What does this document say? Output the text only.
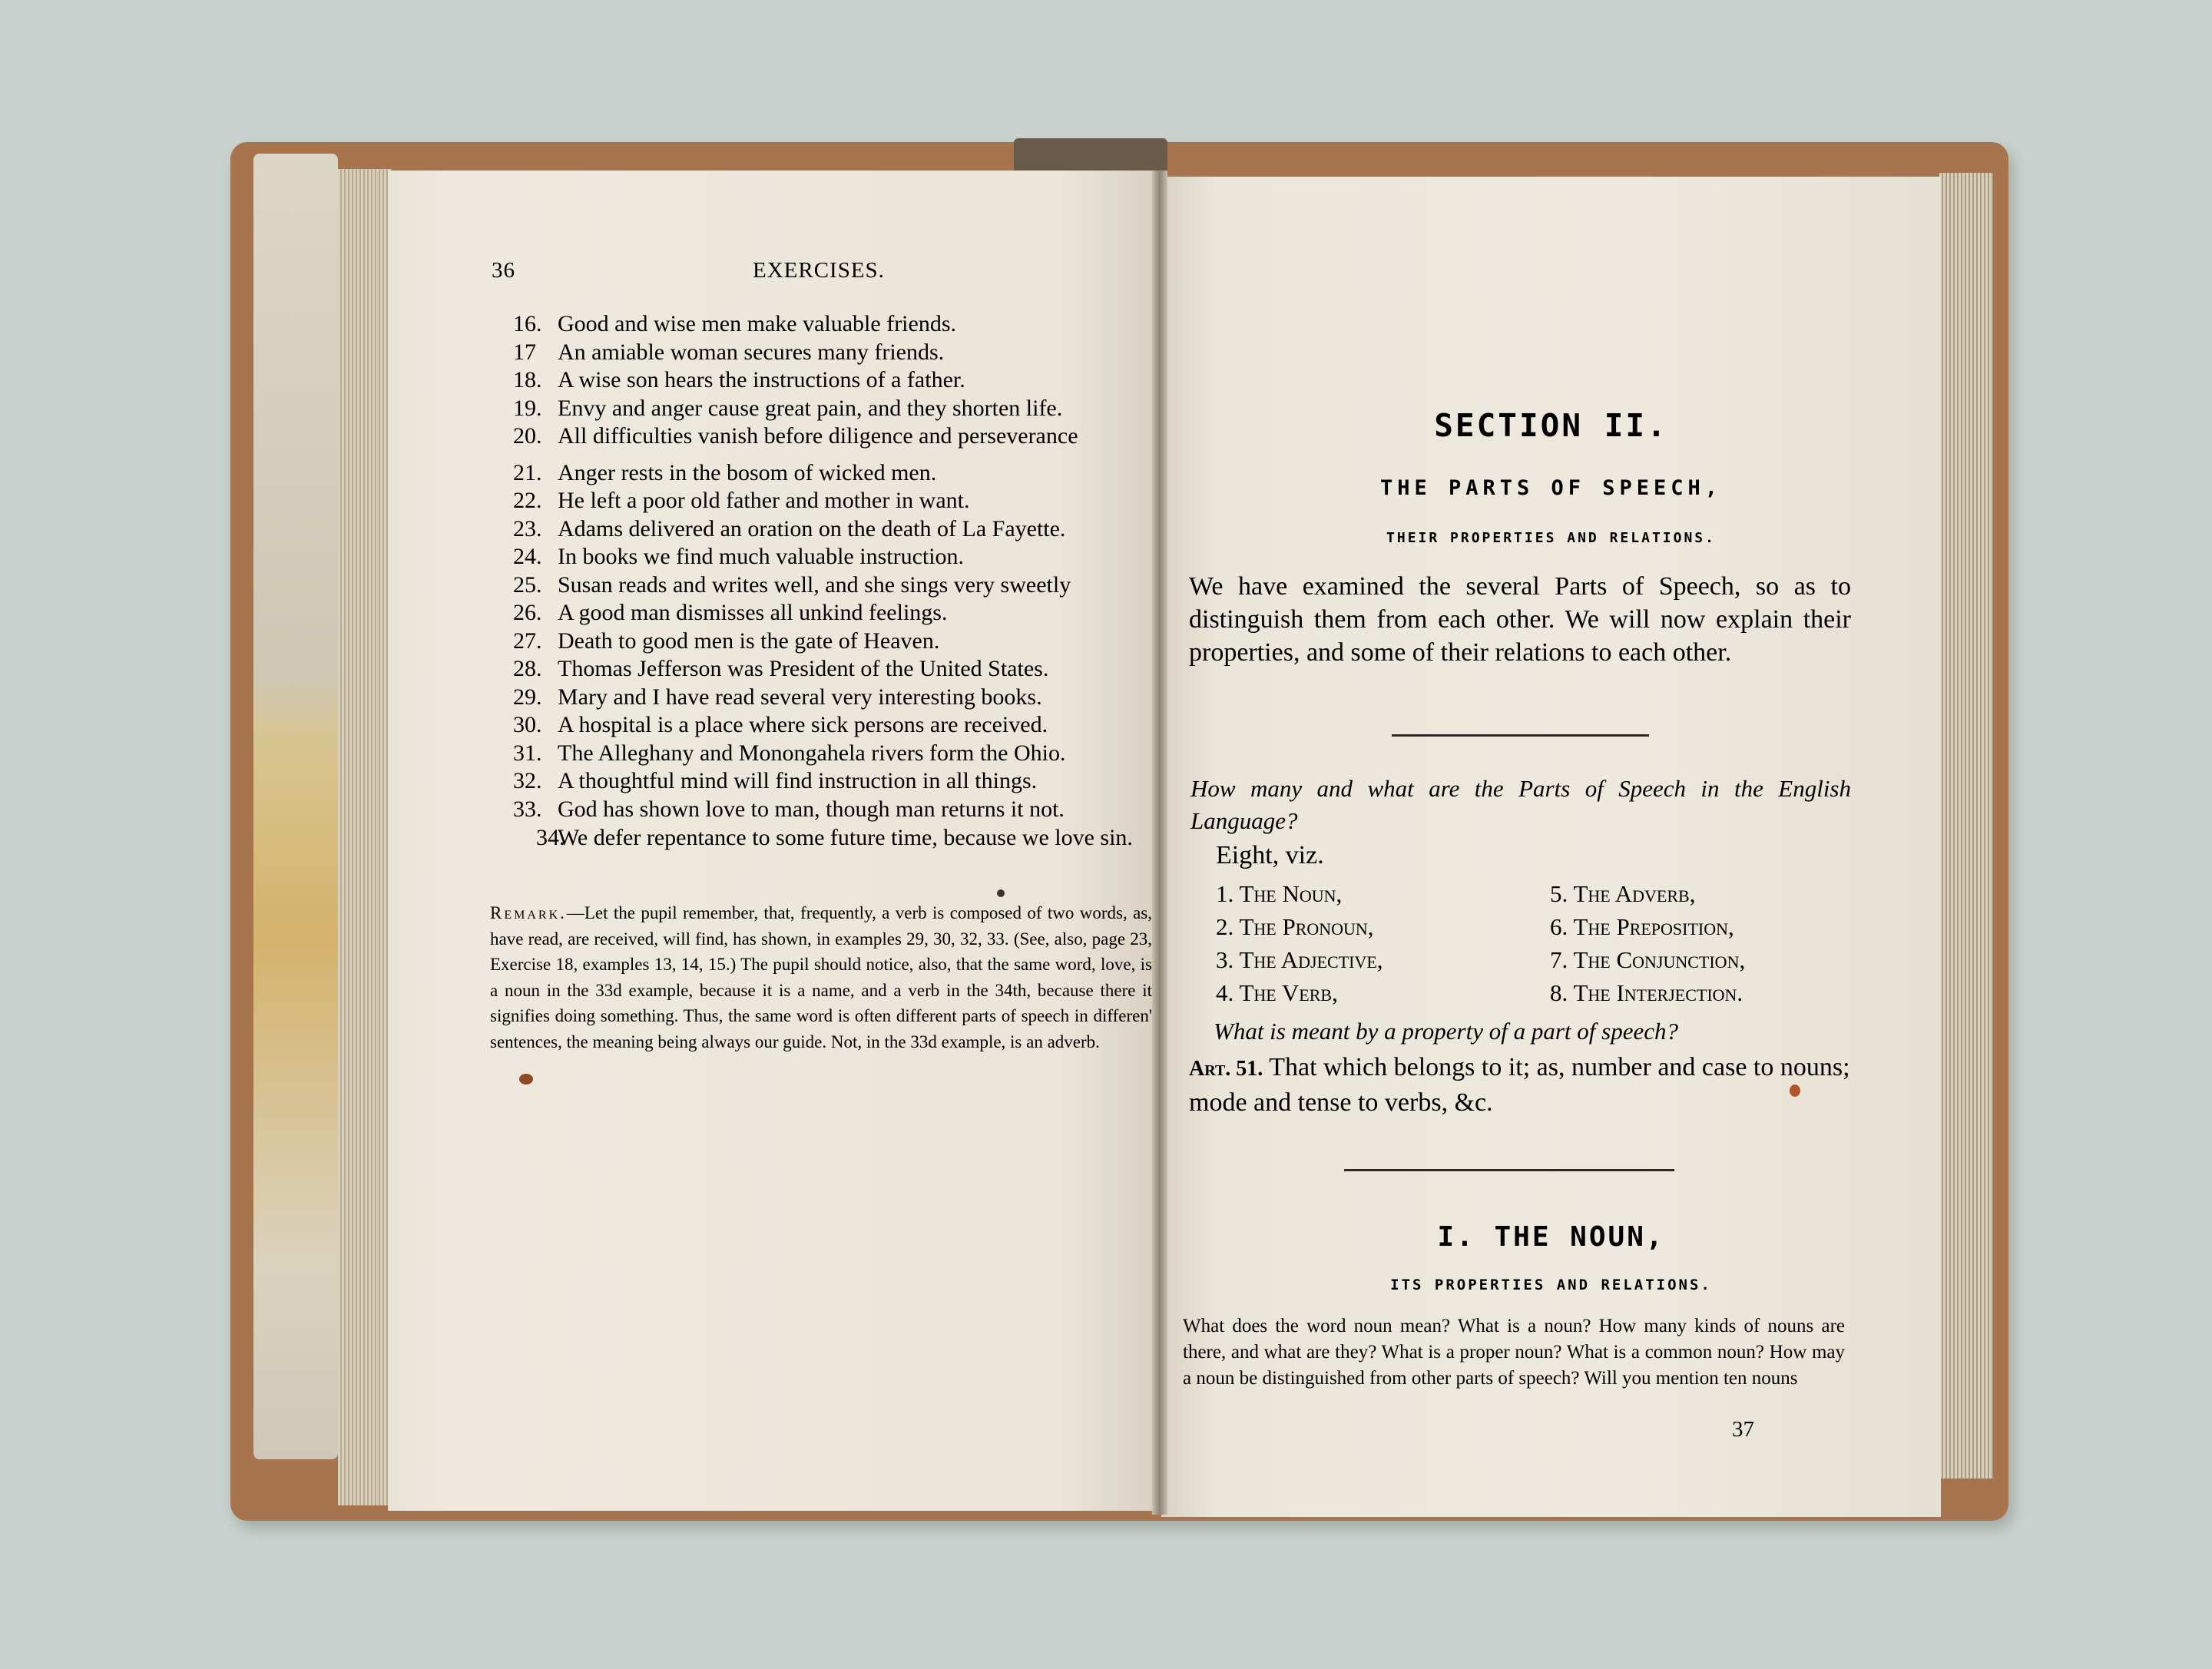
36	EXERCISES.
16. Good and wise men make valuable friends.
17 An amiable woman secures many friends.
18. A wise son hears the instructions of a father.
19. Envy and anger cause great pain, and they shorten life.
20. All difficulties vanish before diligence and perseverance
21. Anger rests in the bosom of wicked men.
22. He left a poor old father and mother in want.
23. Adams delivered an oration on the death of La Fayette.
24. In books we find much valuable instruction.
25. Susan reads and writes well, and she sings very sweetly
26. A good man dismisses all unkind feelings.
27. Death to good men is the gate of Heaven.
28. Thomas Jefferson was President of the United States.
29. Mary and I have read several very interesting books.
30. A hospital is a place where sick persons are received.
31. The Alleghany and Monongahela rivers form the Ohio.
32. A thoughtful mind will find instruction in all things.
33. God has shown love to man, though man returns it not.
34.We defer repentance to some future time, because we love sin.
Remark.—Let the pupil remember, that, frequently, a verb is composed of two words, as, have read, are received, will find, has shown, in examples 29, 30, 32, 33. (See, also, page 23, Exercise 18, examples 13, 14, 15.) The pupil should notice, also, that the same word, love, is a noun in the 33d example, because it is a name, and a verb in the 34th, because there it signifies doing something. Thus, the same word is often different parts of speech in differen' sentences, the meaning being always our guide. Not, in the 33d example, is an adverb.
SECTION II.
THE PARTS OF SPEECH,
THEIR PROPERTIES AND RELATIONS.
We have examined the several Parts of Speech, so as to distinguish them from each other. We will now explain their properties, and some of their relations to each other.
How many and what are the Parts of Speech in the English Language?
Eight, viz.
1. The Noun,
2. The Pronoun,
3. The Adjective,
4. The Verb,
5. The Adverb,
6. The Preposition,
7. The Conjunction,
8. The Interjection.
What is meant by a property of a part of speech?
Art. 51. That which belongs to it; as, number and case to nouns; mode and tense to verbs, &c.
I. THE NOUN,
ITS PROPERTIES AND RELATIONS.
What does the word noun mean? What is a noun? How many kinds of nouns are there, and what are they? What is a proper noun? What is a common noun? How may a noun be distinguished from other parts of speech? Will you mention ten nouns
37
